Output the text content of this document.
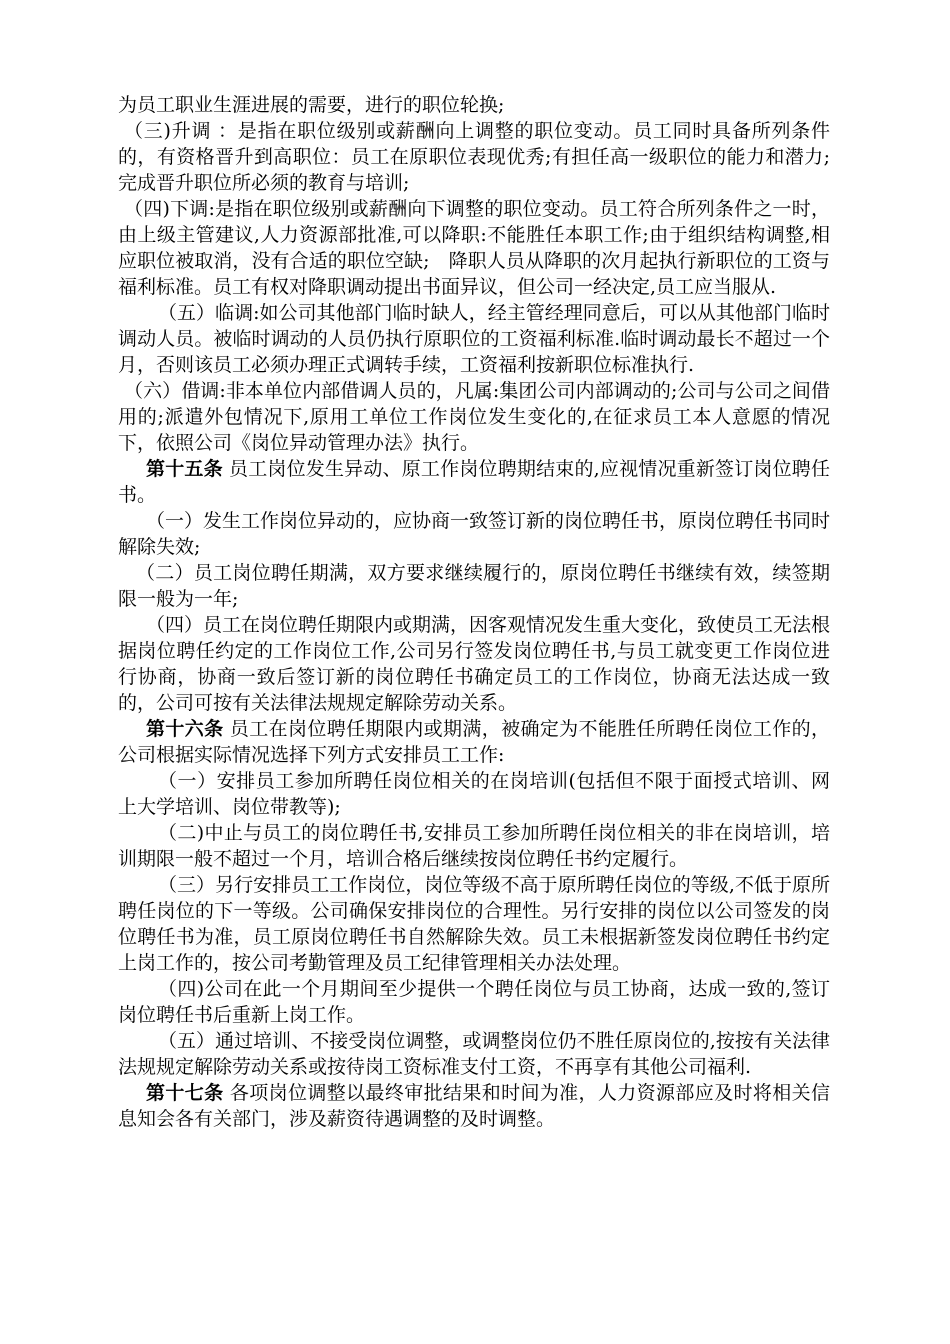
为员工职业生涯进展的需要，进行的职位轮换;

（三)升调 ：是指在职位级别或薪酬向上调整的职位变动。员工同时具备所列条件的，有资格晋升到高职位：员工在原职位表现优秀;有担任高一级职位的能力和潜力;完成晋升职位所必须的教育与培训;

（四)下调:是指在职位级别或薪酬向下调整的职位变动。员工符合所列条件之一时，由上级主管建议,人力资源部批准,可以降职:不能胜任本职工作;由于组织结构调整,相应职位被取消，没有合适的职位空缺;　降职人员从降职的次月起执行新职位的工资与福利标准。员工有权对降职调动提出书面异议，但公司一经决定,员工应当服从.

（五）临调:如公司其他部门临时缺人，经主管经理同意后，可以从其他部门临时调动人员。被临时调动的人员仍执行原职位的工资福利标准.临时调动最长不超过一个月，否则该员工必须办理正式调转手续，工资福利按新职位标准执行.

（六）借调:非本单位内部借调人员的，凡属:集团公司内部调动的;公司与公司之间借用的;派遣外包情况下,原用工单位工作岗位发生变化的,在征求员工本人意愿的情况下，依照公司《岗位异动管理办法》执行。

第十五条 员工岗位发生异动、原工作岗位聘期结束的,应视情况重新签订岗位聘任书。

（一）发生工作岗位异动的，应协商一致签订新的岗位聘任书，原岗位聘任书同时解除失效;

（二）员工岗位聘任期满，双方要求继续履行的，原岗位聘任书继续有效，续签期限一般为一年;

（四）员工在岗位聘任期限内或期满，因客观情况发生重大变化，致使员工无法根据岗位聘任约定的工作岗位工作,公司另行签发岗位聘任书,与员工就变更工作岗位进行协商，协商一致后签订新的岗位聘任书确定员工的工作岗位，协商无法达成一致的，公司可按有关法律法规规定解除劳动关系。

第十六条 员工在岗位聘任期限内或期满，被确定为不能胜任所聘任岗位工作的，公司根据实际情况选择下列方式安排员工工作:

（一）安排员工参加所聘任岗位相关的在岗培训(包括但不限于面授式培训、网上大学培训、岗位带教等);

（二)中止与员工的岗位聘任书,安排员工参加所聘任岗位相关的非在岗培训，培训期限一般不超过一个月，培训合格后继续按岗位聘任书约定履行。

（三）另行安排员工工作岗位，岗位等级不高于原所聘任岗位的等级,不低于原所聘任岗位的下一等级。公司确保安排岗位的合理性。另行安排的岗位以公司签发的岗位聘任书为准，员工原岗位聘任书自然解除失效。员工未根据新签发岗位聘任书约定上岗工作的，按公司考勤管理及员工纪律管理相关办法处理。

（四)公司在此一个月期间至少提供一个聘任岗位与员工协商，达成一致的,签订岗位聘任书后重新上岗工作。

（五）通过培训、不接受岗位调整，或调整岗位仍不胜任原岗位的,按按有关法律法规规定解除劳动关系或按待岗工资标准支付工资，不再享有其他公司福利.

第十七条 各项岗位调整以最终审批结果和时间为准，人力资源部应及时将相关信息知会各有关部门，涉及薪资待遇调整的及时调整。
